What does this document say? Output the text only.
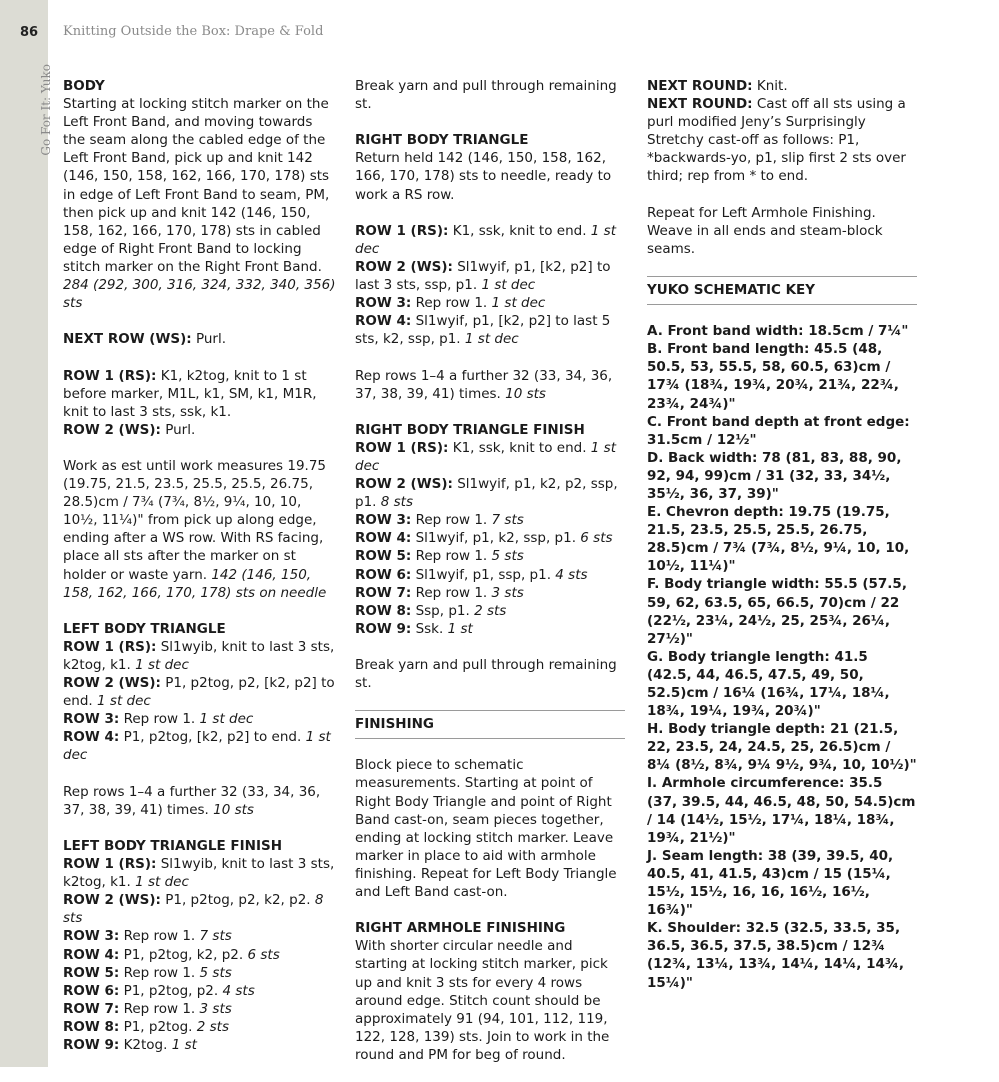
86
Go For It: Yuko
Knitting Outside the Box: Drape & Fold

BODY

Starting at locking stitch marker on the Left Front Band, and moving towards the seam along the cabled edge of the Left Front Band, pick up and knit 142 (146, 150, 158, 162, 166, 170, 178) sts in edge of Left Front Band to seam, PM, then pick up and knit 142 (146, 150, 158, 162, 166, 170, 178) sts in cabled edge of Right Front Band to locking stitch marker on the Right Front Band. 284 (292, 300, 316, 324, 332, 340, 356) sts

NEXT ROW (WS): Purl.

ROW 1 (RS): K1, k2tog, knit to 1 st before marker, M1L, k1, SM, k1, M1R, knit to last 3 sts, ssk, k1.

ROW 2 (WS): Purl.

Work as est until work measures 19.75 (19.75, 21.5, 23.5, 25.5, 25.5, 26.75, 28.5)cm / 7¾ (7¾, 8½, 9¼, 10, 10, 10½, 11¼)" from pick up along edge, ending after a WS row. With RS facing, place all sts after the marker on st holder or waste yarn. 142 (146, 150, 158, 162, 166, 170, 178) sts on needle

LEFT BODY TRIANGLE

ROW 1 (RS): Sl1wyib, knit to last 3 sts, k2tog, k1. 1 st dec

ROW 2 (WS): P1, p2tog, p2, [k2, p2] to end. 1 st dec

ROW 3: Rep row 1. 1 st dec

ROW 4: P1, p2tog, [k2, p2] to end. 1 st dec

Rep rows 1–4 a further 32 (33, 34, 36, 37, 38, 39, 41) times. 10 sts

LEFT BODY TRIANGLE FINISH

ROW 1 (RS): Sl1wyib, knit to last 3 sts, k2tog, k1. 1 st dec

ROW 2 (WS): P1, p2tog, p2, k2, p2. 8 sts

ROW 3: Rep row 1. 7 sts

ROW 4: P1, p2tog, k2, p2. 6 sts

ROW 5: Rep row 1. 5 sts

ROW 6: P1, p2tog, p2. 4 sts

ROW 7: Rep row 1. 3 sts

ROW 8: P1, p2tog. 2 sts

ROW 9: K2tog. 1 st

Break yarn and pull through remaining st.

RIGHT BODY TRIANGLE

Return held 142 (146, 150, 158, 162, 166, 170, 178) sts to needle, ready to work a RS row.

ROW 1 (RS): K1, ssk, knit to end. 1 st dec

ROW 2 (WS): Sl1wyif, p1, [k2, p2] to last 3 sts, ssp, p1. 1 st dec

ROW 3: Rep row 1. 1 st dec

ROW 4: Sl1wyif, p1, [k2, p2] to last 5 sts, k2, ssp, p1. 1 st dec

Rep rows 1–4 a further 32 (33, 34, 36, 37, 38, 39, 41) times. 10 sts

RIGHT BODY TRIANGLE FINISH

ROW 1 (RS): K1, ssk, knit to end. 1 st dec

ROW 2 (WS): Sl1wyif, p1, k2, p2, ssp, p1. 8 sts

ROW 3: Rep row 1. 7 sts

ROW 4: Sl1wyif, p1, k2, ssp, p1. 6 sts

ROW 5: Rep row 1. 5 sts

ROW 6: Sl1wyif, p1, ssp, p1. 4 sts

ROW 7: Rep row 1. 3 sts

ROW 8: Ssp, p1. 2 sts

ROW 9: Ssk. 1 st

Break yarn and pull through remaining st.

FINISHING

Block piece to schematic measurements. Starting at point of Right Body Triangle and point of Right Band cast-on, seam pieces together, ending at locking stitch marker. Leave marker in place to aid with armhole finishing. Repeat for Left Body Triangle and Left Band cast-on.

RIGHT ARMHOLE FINISHING

With shorter circular needle and starting at locking stitch marker, pick up and knit 3 sts for every 4 rows around edge. Stitch count should be approximately 91 (94, 101, 112, 119, 122, 128, 139) sts. Join to work in the round and PM for beg of round.

NEXT ROUND: Knit.

NEXT ROUND: Cast off all sts using a purl modified Jeny’s Surprisingly Stretchy cast-off as follows: P1, *backwards-yo, p1, slip first 2 sts over third; rep from * to end.

Repeat for Left Armhole Finishing. Weave in all ends and steam-block seams.

YUKO SCHEMATIC KEY

A. Front band width: 18.5cm / 7¼"

B. Front band length: 45.5 (48, 50.5, 53, 55.5, 58, 60.5, 63)cm / 17¾ (18¾, 19¾, 20¾, 21¾, 22¾, 23¾, 24¾)"

C. Front band depth at front edge: 31.5cm / 12½"

D. Back width: 78 (81, 83, 88, 90, 92, 94, 99)cm / 31 (32, 33, 34½, 35½, 36, 37, 39)"

E. Chevron depth: 19.75 (19.75, 21.5, 23.5, 25.5, 25.5, 26.75, 28.5)cm / 7¾ (7¾, 8½, 9¼, 10, 10, 10½, 11¼)"

F. Body triangle width: 55.5 (57.5, 59, 62, 63.5, 65, 66.5, 70)cm / 22 (22½, 23¼, 24½, 25, 25¾, 26¼, 27½)"

G. Body triangle length: 41.5 (42.5, 44, 46.5, 47.5, 49, 50, 52.5)cm / 16¼ (16¾, 17¼, 18¼, 18¾, 19¼, 19¾, 20¾)"

H. Body triangle depth: 21 (21.5, 22, 23.5, 24, 24.5, 25, 26.5)cm / 8¼ (8½, 8¾, 9¼ 9½, 9¾, 10, 10½)"

I. Armhole circumference: 35.5 (37, 39.5, 44, 46.5, 48, 50, 54.5)cm / 14 (14½, 15½, 17¼, 18¼, 18¾, 19¾, 21½)"

J. Seam length: 38 (39, 39.5, 40, 40.5, 41, 41.5, 43)cm / 15 (15¼, 15½, 15½, 16, 16, 16½, 16½, 16¾)"

K. Shoulder: 32.5 (32.5, 33.5, 35, 36.5, 36.5, 37.5, 38.5)cm / 12¾ (12¾, 13¼, 13¾, 14¼, 14¼, 14¾, 15¼)"
